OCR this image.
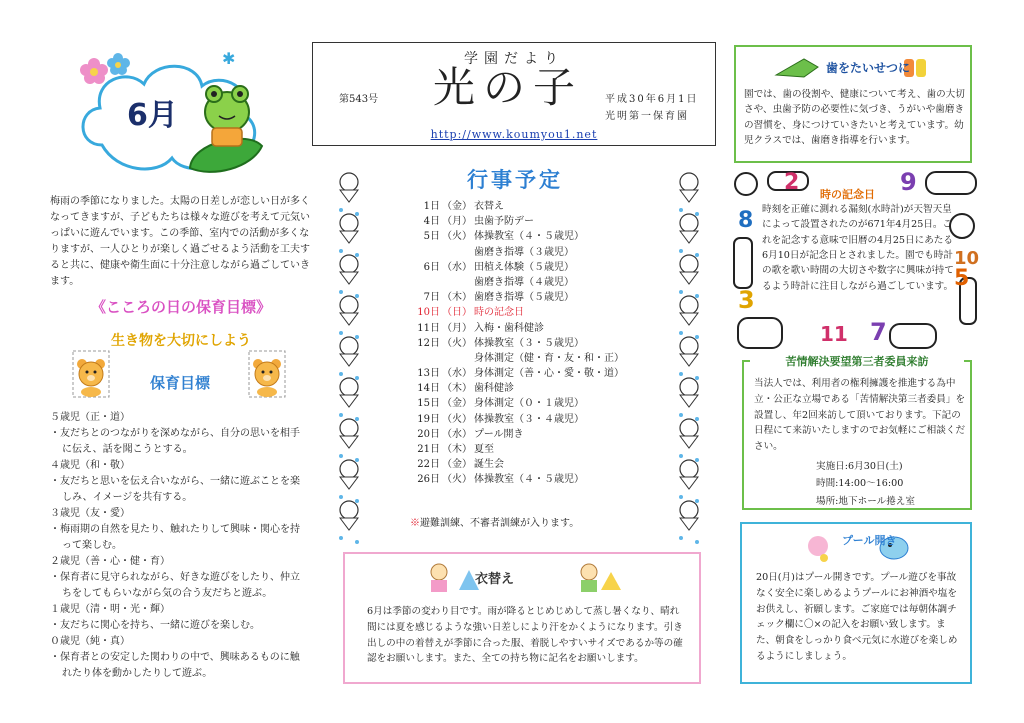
✱
6月
梅雨の季節になりました。太陽の日差しが恋しい日が多くなってきますが、子どもたちは様々な遊びを考えて元気いっぱいに遊んでいます。この季節、室内での活動が多くなりますが、一人ひとりが楽しく過ごせるよう活動を工夫すると共に、健康や衛生面に十分注意しながら過ごしていきます。
《こころの日の保育目標》
生き物を大切にしよう
保育目標
５歳児（正・道）
・友だちとのつながりを深めながら、自分の思いを相手
に伝え、話を聞こうとする。
４歳児（和・敬）
・友だちと思いを伝え合いながら、一緒に遊ぶことを楽
しみ、イメージを共有する。
３歳児（友・愛）
・梅雨期の自然を見たり、触れたりして興味・関心を持
って楽しむ。
２歳児（善・心・健・育）
・保育者に見守られながら、好きな遊びをしたり、仲立
ちをしてもらいながら気の合う友だちと遊ぶ。
１歳児（清・明・光・輝）
・友だちに関心を持ち、一緒に遊びを楽しむ。
０歳児（純・真）
・保育者との安定した関わりの中で、興味あるものに触
れたり体を動かしたりして遊ぶ。
学園だより
第543号 光の子 平成30年6月1日
光明第一保育園
http://www.koumyou1.net
行事予定
1日 （金） 衣替え
4日 （月） 虫歯予防デー
5日 （火） 体操教室（４・５歳児）
歯磨き指導（３歳児）
6日 （水） 田植え体験（５歳児）
歯磨き指導（４歳児）
7日 （木） 歯磨き指導（５歳児）
10日 （日） 時の記念日
11日 （月） 入梅・歯科健診
12日 （火） 体操教室（３・５歳児）
身体測定（健・育・友・和・正）
13日 （水） 身体測定（善・心・愛・敬・道）
14日 （木） 歯科健診
15日 （金） 身体測定（０・１歳児）
19日 （火） 体操教室（３・４歳児）
20日 （水） プール開き
21日 （木） 夏至
22日 （金） 誕生会
26日 （火） 体操教室（４・５歳児）
※避難訓練、不審者訓練が入ります。
衣替え
6月は季節の変わり目です。雨が降るとじめじめして蒸し暑くなり、晴れ間には夏を感じるような強い日差しにより汗をかくようになります。引き出しの中の着替えが季節に合った服、着脱しやすいサイズであるか等の確認をお願いします。また、全ての持ち物に記名をお願いします。
歯をたいせつに
園では、歯の役割や、健康について考え、歯の大切さや、虫歯予防の必要性に気づき、うがいや歯磨きの習慣を、身につけていきたいと考えています。幼児クラスでは、歯磨き指導を行います。
2	9
8
10
3
5
11 7
時の記念日
時刻を正確に測れる漏刻(水時計)が天智天皇によって設置されたのが671年4月25日。これを記念する意味で旧暦の4月25日にあたる6月10日が記念日とされました。園でも時計の歌を歌い時間の大切さや数字に興味が持てるよう時計に注目しながら過ごしています。
苦情解決要望第三者委員来訪
当法人では、利用者の権利擁護を推進する為中立・公正な立場である「苦情解決第三者委員」を設置し、年2回来訪して頂いております。下記の日程にて来訪いたしますのでお気軽にご相談ください。
実施日:6月30日(土)
時間:14:00～16:00
場所:地下ホール捲え室
プール開き
20日(月)はプール開きです。プール遊びを事故なく安全に楽しめるようプールにお神酒や塩をお供えし、祈願します。ご家庭では毎朝体調チェック欄に〇×の記入をお願い致します。また、朝食をしっかり食べ元気に水遊びを楽しめるようにしましょう。
